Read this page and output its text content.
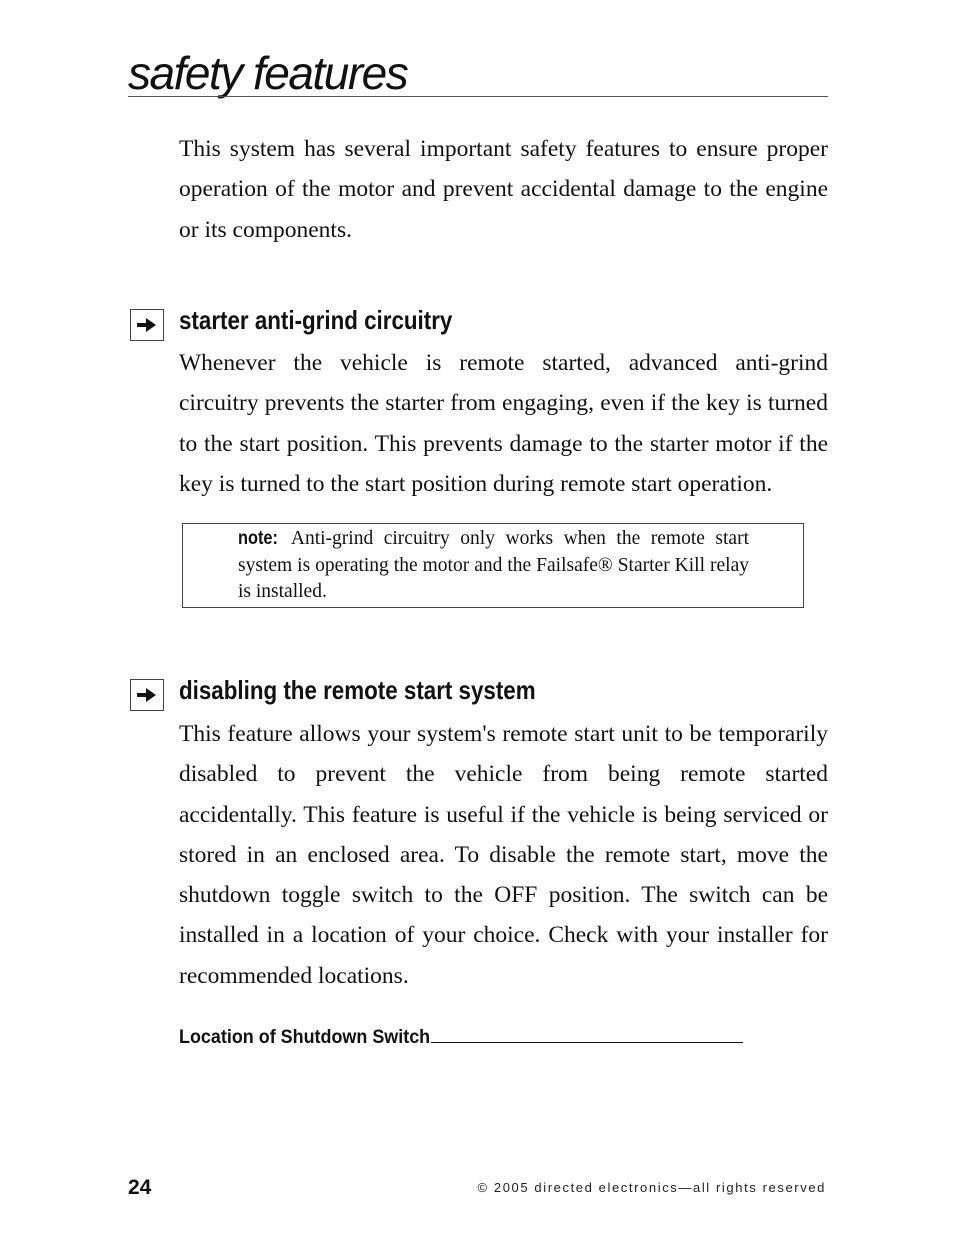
safety features

This system has several important safety features to ensure proper operation of the motor and prevent accidental damage to the engine or its components.

starter anti-grind circuitry

Whenever the vehicle is remote started, advanced anti-grind circuitry prevents the starter from engaging, even if the key is turned to the start position. This prevents damage to the starter motor if the key is turned to the start position during remote start operation.

note: Anti-grind circuitry only works when the remote start system is operating the motor and the Failsafe® Starter Kill relay is installed.

disabling the remote start system

This feature allows your system's remote start unit to be temporarily disabled to prevent the vehicle from being remote started accidentally. This feature is useful if the vehicle is being serviced or stored in an enclosed area. To disable the remote start, move the shutdown toggle switch to the OFF position. The switch can be installed in a location of your choice. Check with your installer for recommended locations.

Location of Shutdown Switch
24	© 2005 directed electronics—all rights reserved
